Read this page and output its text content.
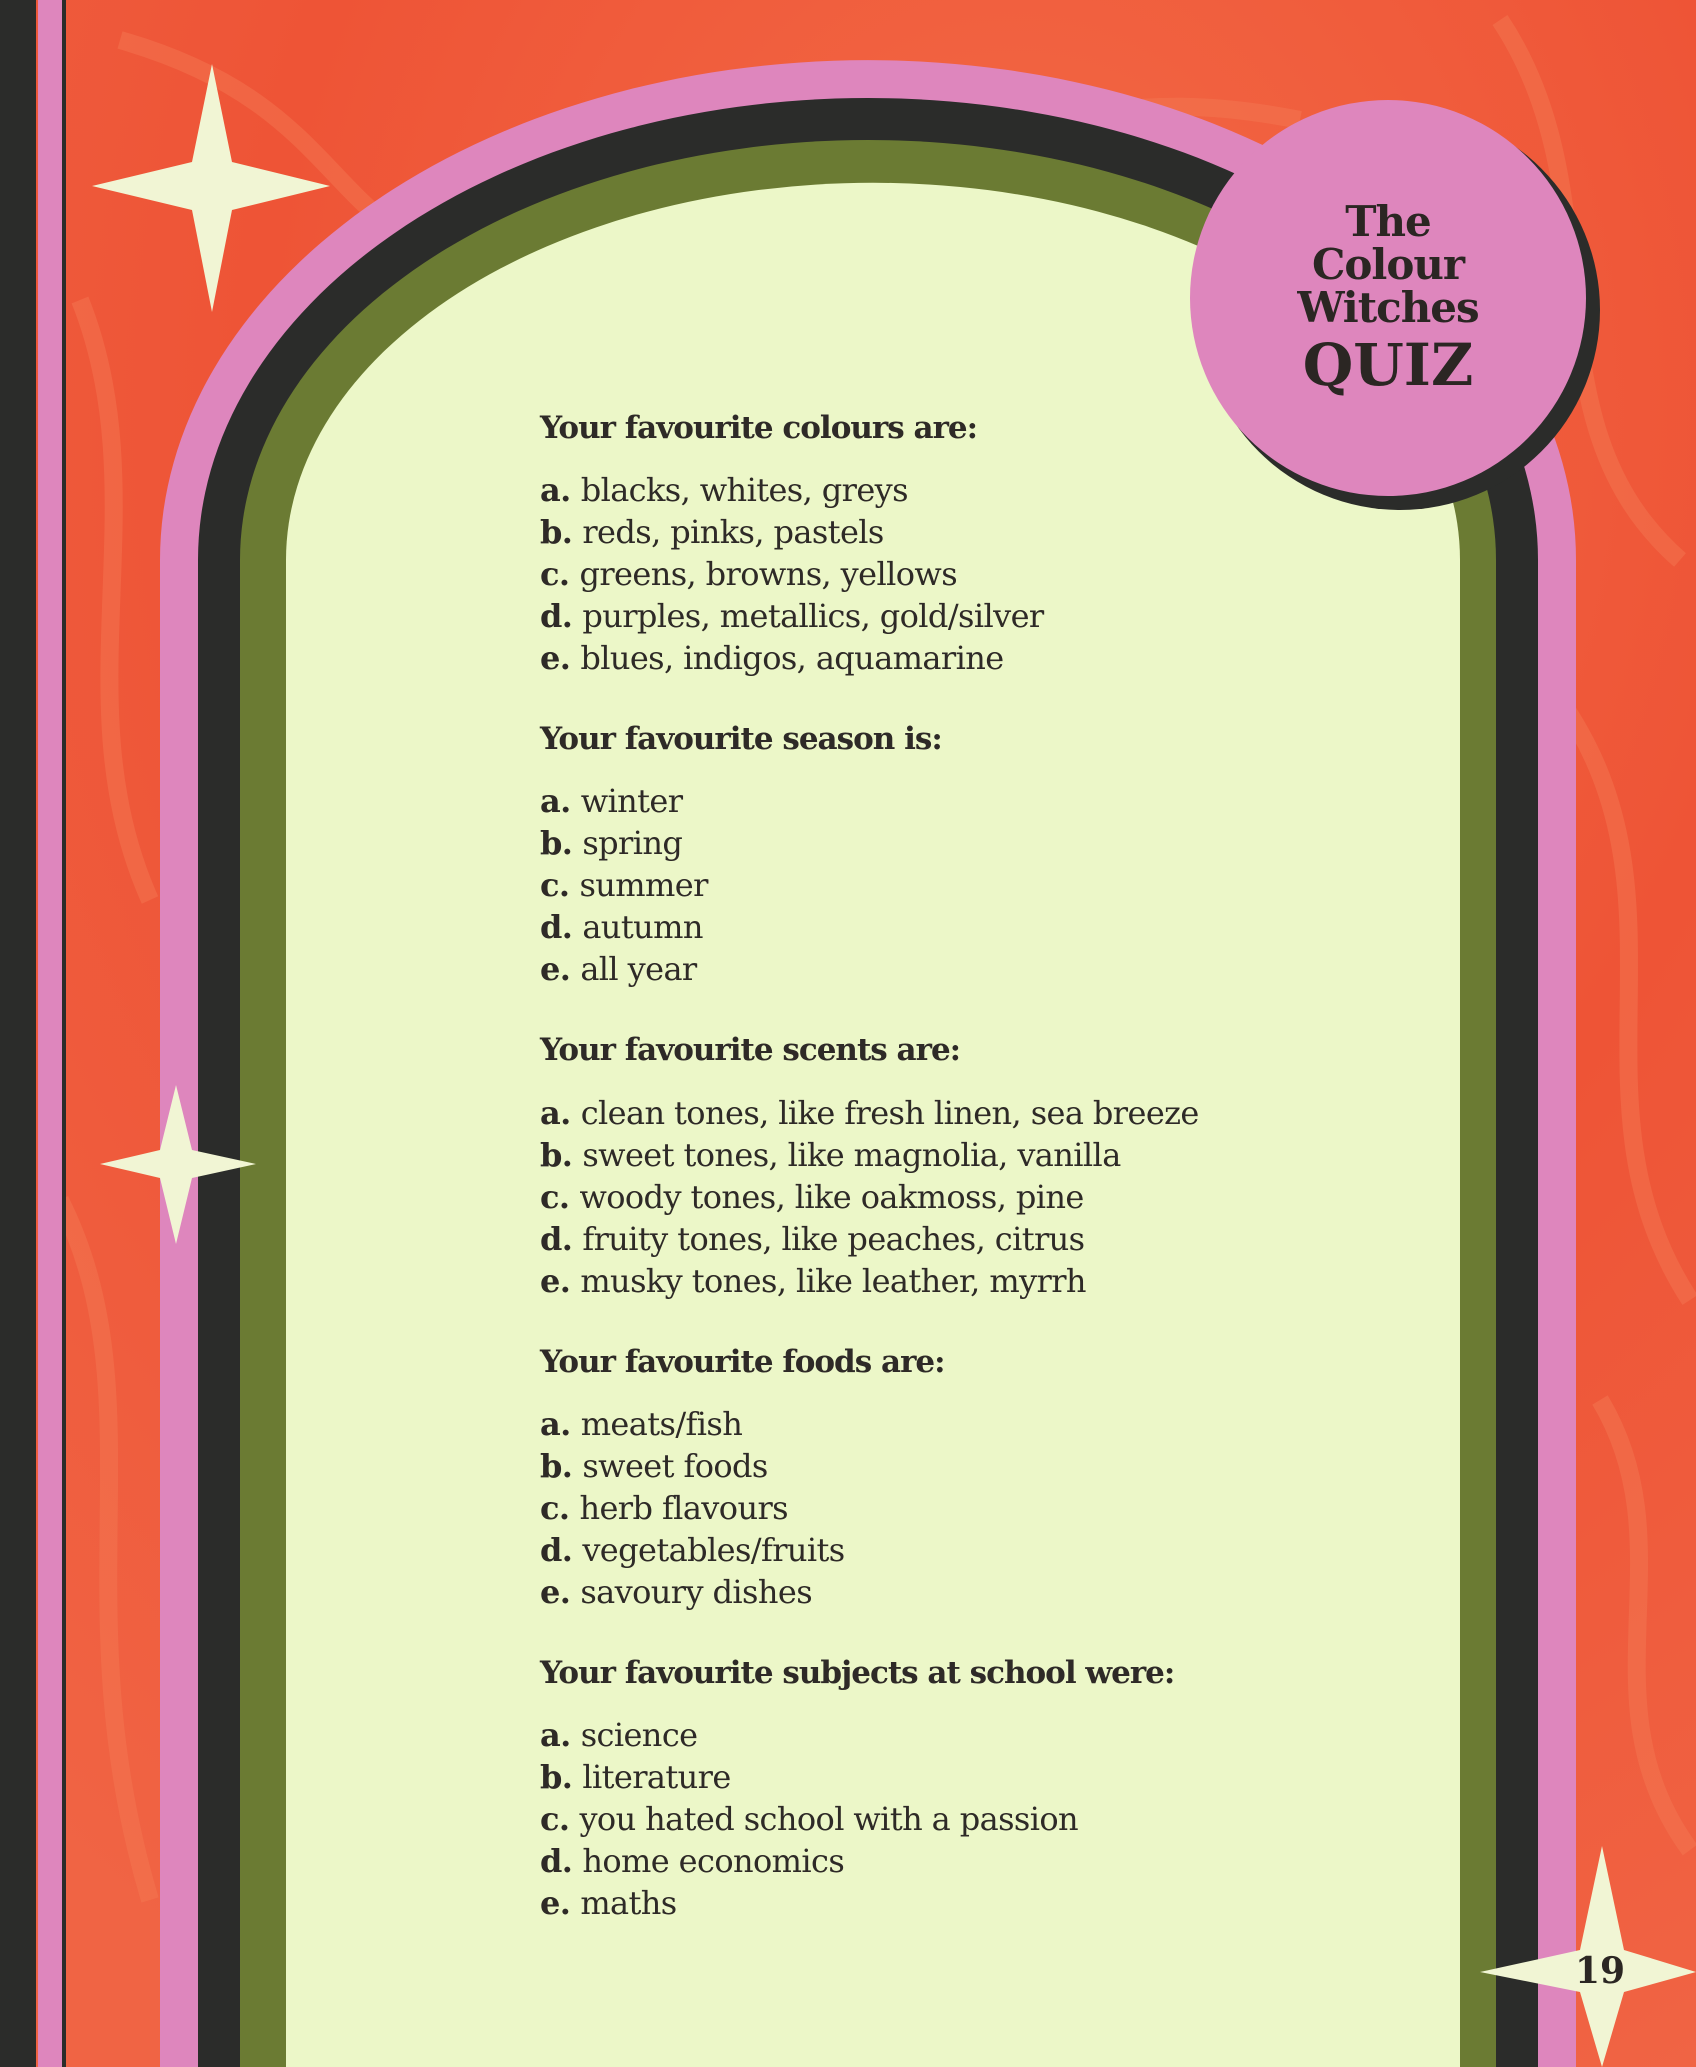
The
Colour
Witches
QUIZ
Your favourite colours are:
a. blacks, whites, greys
b. reds, pinks, pastels
c. greens, browns, yellows
d. purples, metallics, gold/silver
e. blues, indigos, aquamarine
Your favourite season is:
a. winter
b. spring
c. summer
d. autumn
e. all year
Your favourite scents are:
a. clean tones, like fresh linen, sea breeze
b. sweet tones, like magnolia, vanilla
c. woody tones, like oakmoss, pine
d. fruity tones, like peaches, citrus
e. musky tones, like leather, myrrh
Your favourite foods are:
a. meats/fish
b. sweet foods
c. herb flavours
d. vegetables/fruits
e. savoury dishes
Your favourite subjects at school were:
a. science
b. literature
c. you hated school with a passion
d. home economics
e. maths
19
